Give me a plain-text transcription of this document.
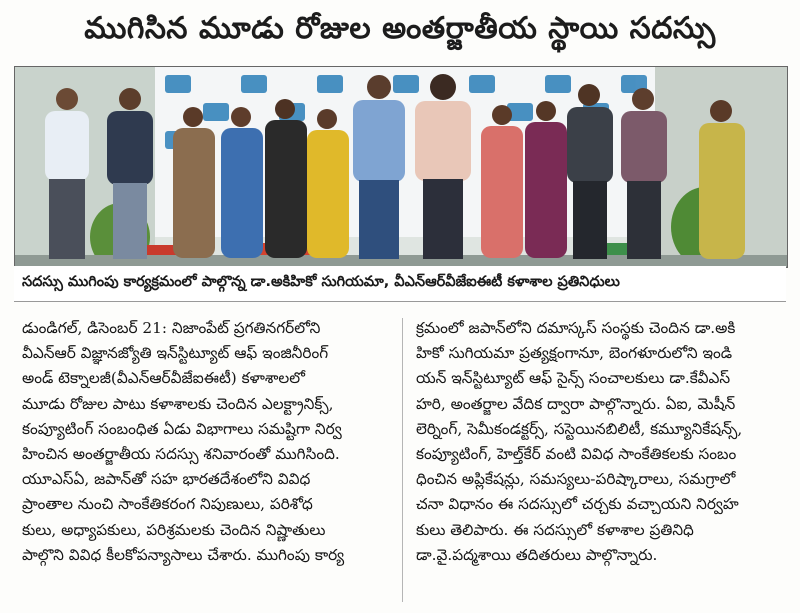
ముగిసిన మూడు రోజుల అంతర్జాతీయ స్థాయి సదస్సు
సదస్సు ముగింపు కార్యక్రమంలో పాల్గొన్న డా.అకిహికో సుగియమా, వీఎన్ఆర్‌వీజేఐఈటీ కళాశాల ప్రతినిధులు
డుండిగల్, డిసెంబర్ 21: నిజాంపేట్ ప్రగతినగర్‌లోని
వీఎన్ఆర్ విజ్ఞానజ్యోతి ఇన్‌స్టిట్యూట్ ఆఫ్ ఇంజినీరింగ్
అండ్ టెక్నాలజీ(వీఎన్ఆర్‌వీజేఐఈటీ) కళాశాలలో
మూడు రోజుల పాటు కళాశాలకు చెందిన ఎలక్ట్రానిక్స్,
కంప్యూటింగ్ సంబంధిత ఏడు విభాగాలు సమష్టిగా నిర్వ
హించిన అంతర్జాతీయ సదస్సు శనివారంతో ముగిసింది.
యూఎస్ఏ, జపాన్‌తో సహ భారతదేశంలోని వివిధ
ప్రాంతాల నుంచి సాంకేతికరంగ నిపుణులు, పరిశోధ
కులు, అధ్యాపకులు, పరిశ్రమలకు చెందిన నిష్ణాతులు
పాల్గొని వివిధ కీలకోపన్యాసాలు చేశారు. ముగింపు కార్య
క్రమంలో జపాన్‌లోని దమాస్కస్ సంస్థకు చెందిన డా.అకి
హికో సుగియమా ప్రత్యక్షంగానూ, బెంగళూరులోని ఇండి
యన్ ఇన్‌స్టిట్యూట్ ఆఫ్ సైన్స్ సంచాలకులు డా.కేవీఎస్
హరి, అంతర్జాల వేదిక ద్వారా పాల్గొన్నారు. ఏఐ, మెషీన్
లెర్నింగ్, సెమీకండక్టర్స్, సస్టెయినబిలిటీ, కమ్యూనికేషన్స్,
కంప్యూటింగ్, హెల్త్‌కేర్ వంటి వివిధ సాంకేతికలకు సంబం
ధించిన అప్లికేషన్లు, సమస్యలు-పరిష్కారాలు, సమగ్రాలో
చనా విధానం ఈ సదస్సులో చర్చకు వచ్చాయని నిర్వహ
కులు తెలిపారు. ఈ సదస్సులో కళాశాల ప్రతినిధి
డా.వై.పద్మశాయి తదితరులు పాల్గొన్నారు.
